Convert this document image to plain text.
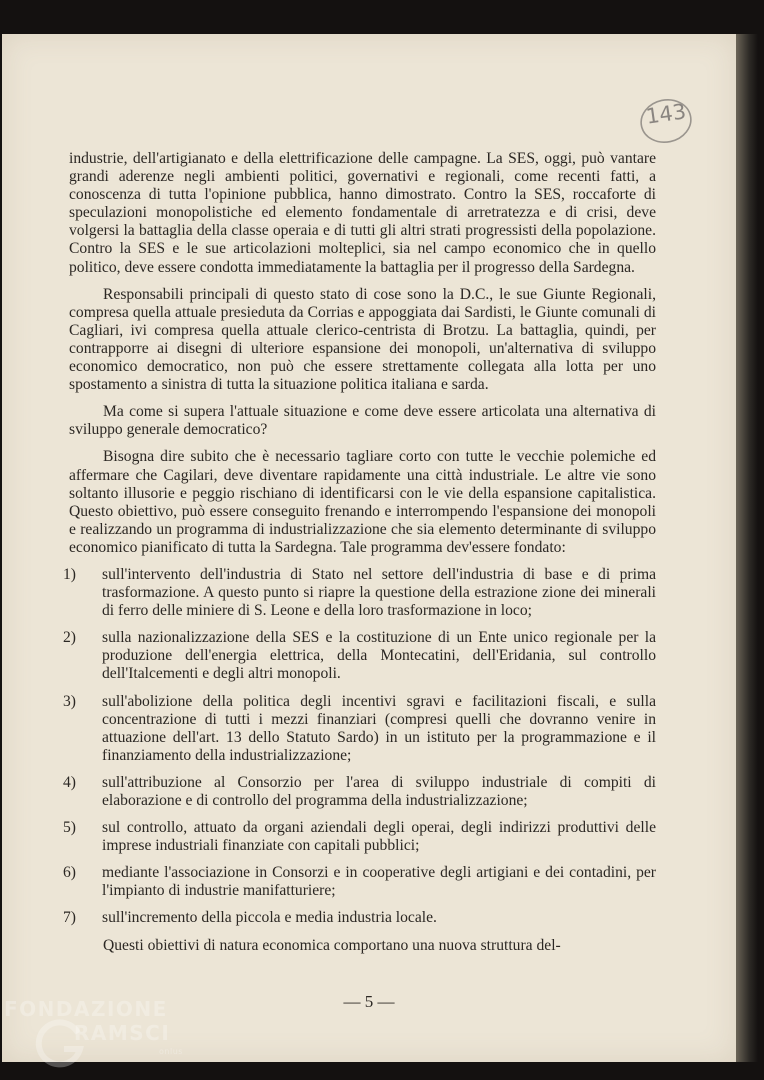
143

industrie, dell'artigianato e della elettrificazione delle campagne. La SES, oggi, può vantare grandi aderenze negli ambienti politici, governativi e regionali, come recenti fatti, a conoscenza di tutta l'opinione pubblica, hanno dimostrato. Contro la SES, roccaforte di speculazioni monopolistiche ed elemento fondamentale di arretratezza e di crisi, deve volgersi la battaglia della classe operaia e di tutti gli altri strati progressisti della popolazione. Contro la SES e le sue articolazioni molteplici, sia nel campo economico che in quello politico, deve essere condotta immediatamente la battaglia per il progresso della Sardegna.

Responsabili principali di questo stato di cose sono la D.C., le sue Giunte Regionali, compresa quella attuale presieduta da Corrias e appoggiata dai Sardisti, le Giunte comunali di Cagliari, ivi compresa quella attuale clerico-centrista di Brotzu. La battaglia, quindi, per contrapporre ai disegni di ulteriore espansione dei monopoli, un'alternativa di sviluppo economico democratico, non può che essere strettamente collegata alla lotta per uno spostamento a sinistra di tutta la situazione politica italiana e sarda.

Ma come si supera l'attuale situazione e come deve essere articolata una alternativa di sviluppo generale democratico?

Bisogna dire subito che è necessario tagliare corto con tutte le vecchie polemiche ed affermare che Cagilari, deve diventare rapidamente una città industriale. Le altre vie sono soltanto illusorie e peggio rischiano di identificarsi con le vie della espansione capitalistica. Questo obiettivo, può essere conseguito frenando e interrompendo l'espansione dei monopoli e realizzando un programma di industrializzazione che sia elemento determinante di sviluppo economico pianificato di tutta la Sardegna. Tale programma dev'essere fondato:

1)	sull'intervento dell'industria di Stato nel settore dell'industria di base e di prima trasformazione. A questo punto si riapre la questione della estrazione zione dei minerali di ferro delle miniere di S. Leone e della loro trasformazione in loco;
2)	sulla nazionalizzazione della SES e la costituzione di un Ente unico regionale per la produzione dell'energia elettrica, della Montecatini, dell'Eridania, sul controllo dell'Italcementi e degli altri monopoli.
3)	sull'abolizione della politica degli incentivi sgravi e facilitazioni fiscali, e sulla concentrazione di tutti i mezzi finanziari (compresi quelli che dovranno venire in attuazione dell'art. 13 dello Statuto Sardo) in un istituto per la programmazione e il finanziamento della industrializzazione;
4)	sull'attribuzione al Consorzio per l'area di sviluppo industriale di compiti di elaborazione e di controllo del programma della industrializzazione;
5)	sul controllo, attuato da organi aziendali degli operai, degli indirizzi produttivi delle imprese industriali finanziate con capitali pubblici;
6)	mediante l'associazione in Consorzi e in cooperative degli artigiani e dei contadini, per l'impianto di industrie manifatturiere;
7)	sull'incremento della piccola e media industria locale.

Questi obiettivi di natura economica comportano una nuova struttura del-

— 5 —
FONDAZIONE
RAMSCI
onlus
